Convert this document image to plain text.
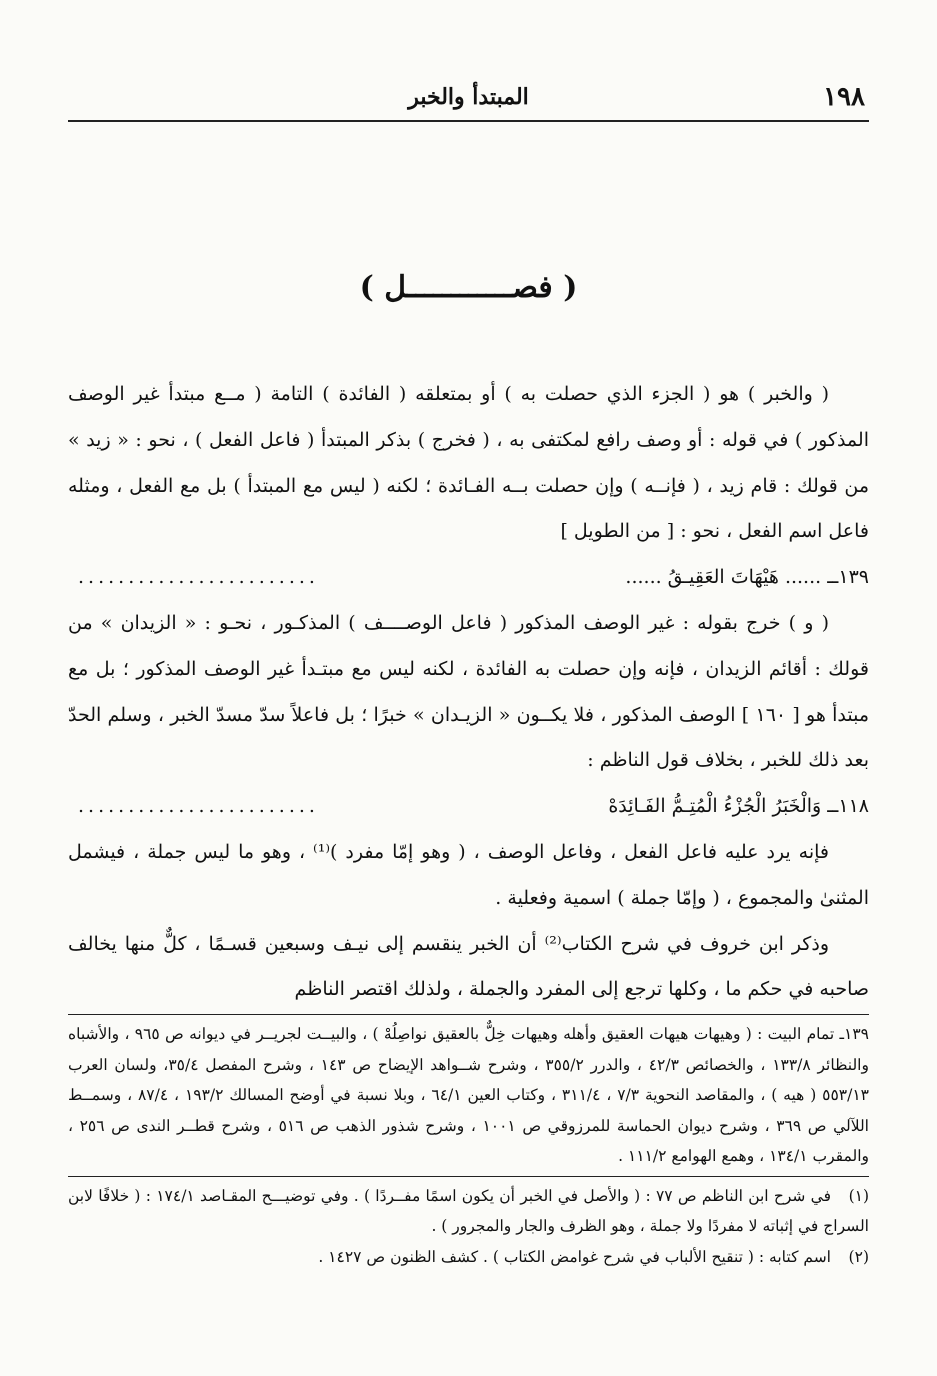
١٩٨
المبتدأ والخبر
( فصــــــــــــل )

( والخبر ) هو ( الجزء الذي حصلت به ) أو بمتعلقه ( الفائدة ) التامة ( مــع مبتدأ غير الوصف المذكور ) في قوله : أو وصف رافع لمكتفى به ، ( فخرج ) بذكر المبتدأ ( فاعل الفعل ) ، نحو : « زيد » من قولك : قام زيد ، ( فإنــه ) وإن حصلت بــه الفـائدة ؛ لكنه ( ليس مع المبتدأ ) بل مع الفعل ، ومثله فاعل اسم الفعل ، نحو : [ من الطويل ]

١٣٩ــ ...... هَيْهَاتَ العَقِيـقُ ......
........................

( و ) خرج بقوله : غير الوصف المذكور ( فاعل الوصــــف ) المذكـور ، نحـو : « الزيدان » من قولك : أقائم الزيدان ، فإنه وإن حصلت به الفائدة ، لكنه ليس مع مبتـدأ غير الوصف المذكور ؛ بل مع مبتدأ هو [ ١٦٠ ] الوصف المذكور ، فلا يكــون « الزيـدان » خبرًا ؛ بل فاعلاً سدّ مسدّ الخبر ، وسلم الحدّ بعد ذلك للخبر ، بخلاف قول الناظم :

١١٨ــ وَالْخَبَرُ الْجُزْءُ الْمُتِـمُّ الفَـائِدَهْ
........................

فإنه يرد عليه فاعل الفعل ، وفاعل الوصف ، ( وهو إمّا مفرد )⁽¹⁾ ، وهو ما ليس جملة ، فيشمل المثنىٰ والمجموع ، ( وإمّا جملة ) اسمية وفعلية .

وذكر ابن خروف في شرح الكتاب⁽²⁾ أن الخبر ينقسم إلى نيـف وسبعين قسـمًا ، كلٌّ منها يخالف صاحبه في حكم ما ، وكلها ترجع إلى المفرد والجملة ، ولذلك اقتصر الناظم

١٣٩ـ تمام البيت : ( وهيهات هيهات العقيق وأهله وهيهات خِلٌّ بالعقيق نواصِلُهْ ) ، والبيــت لجريــر في ديوانه ص ٩٦٥ ، والأشباه والنظائر ١٣٣/٨ ، والخصائص ٤٢/٣ ، والدرر ٣٥٥/٢ ، وشرح شــواهد الإيضاح ص ١٤٣ ، وشرح المفصل ٣٥/٤، ولسان العرب ٥٥٣/١٣ ( هيه ) ، والمقاصد النحوية ٧/٣ ، ٣١١/٤ ، وكتاب العين ٦٤/١ ، وبلا نسبة في أوضح المسالك ١٩٣/٢ ، ٨٧/٤ ، وسمــط اللآلي ص ٣٦٩ ، وشرح ديوان الحماسة للمرزوقي ص ١٠٠١ ، وشرح شذور الذهب ص ٥١٦ ، وشرح قطــر الندى ص ٢٥٦ ، والمقرب ١٣٤/١ ، وهمع الهوامع ١١١/٢ .

(١)في شرح ابن الناظم ص ٧٧ : ( والأصل في الخبر أن يكون اسمًا مفــردًا ) . وفي توضيـــح المقـاصد ١٧٤/١ : ( خلافًا لابن السراج في إثباته لا مفردًا ولا جملة ، وهو الظرف والجار والمجرور ) .

(٢)اسم كتابه : ( تنقيح الألباب في شرح غوامض الكتاب ) . كشف الظنون ص ١٤٢٧ .
